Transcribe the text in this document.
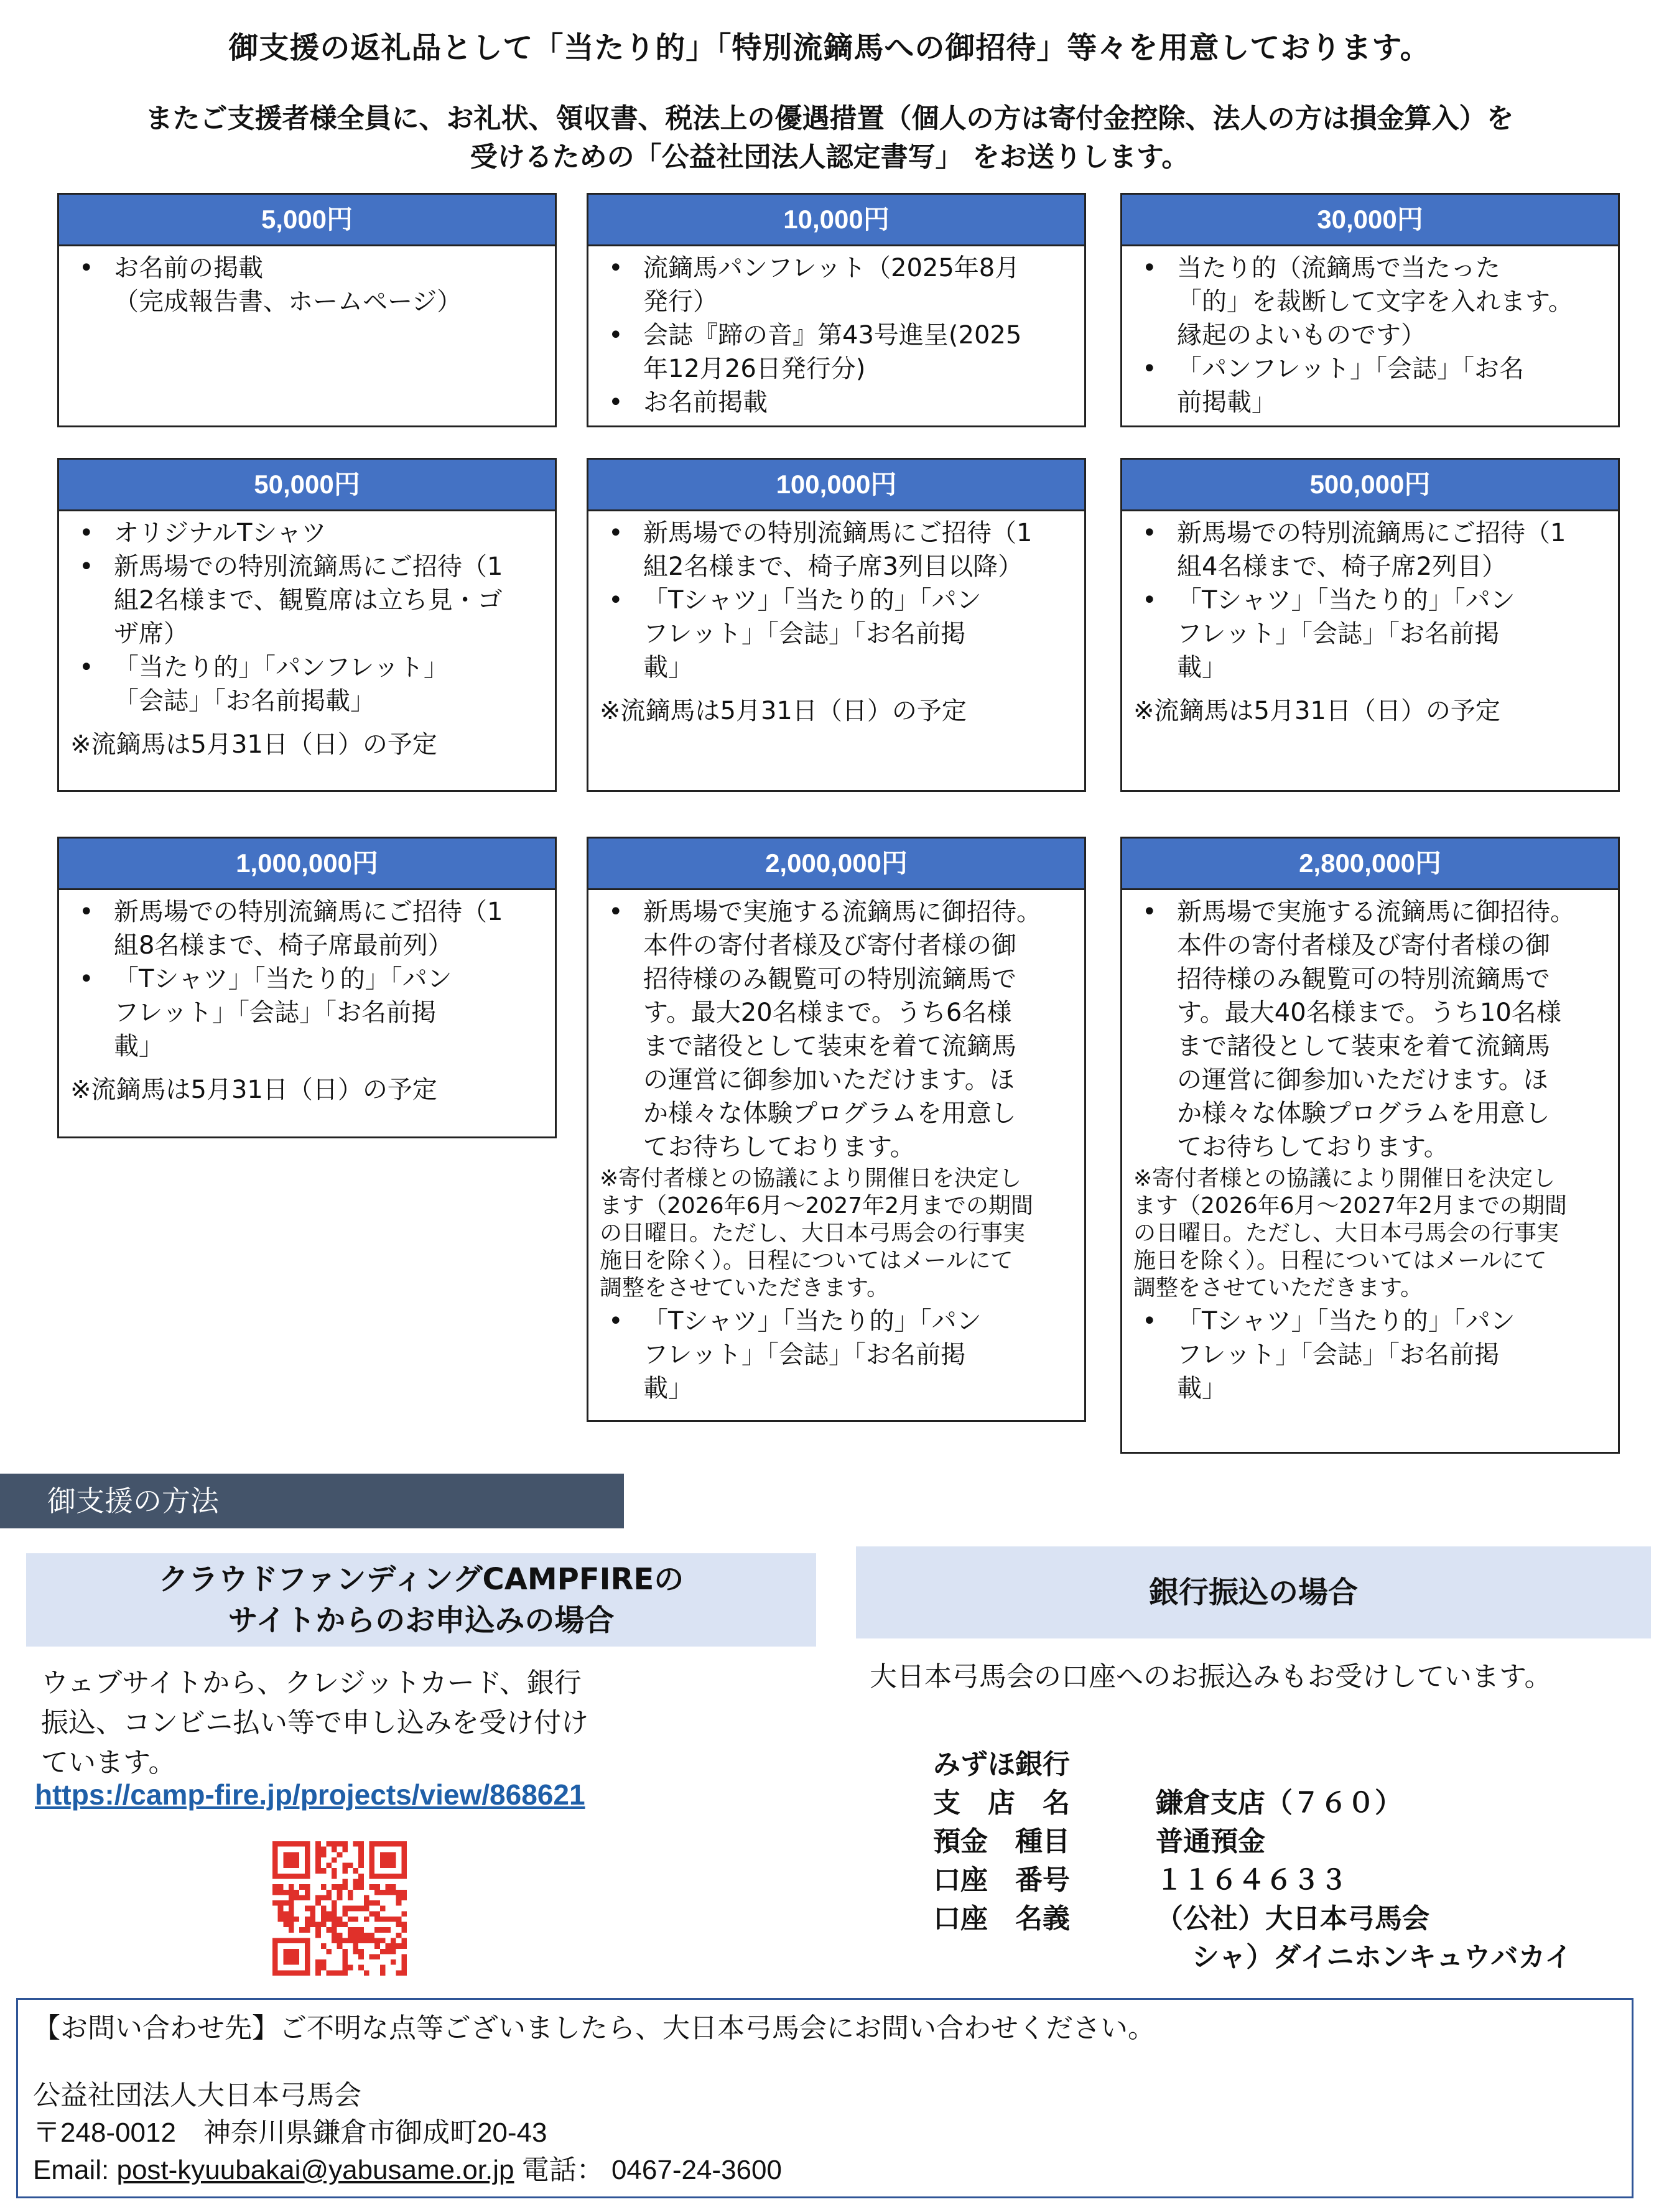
御支援の返礼品として「当たり的」「特別流鏑馬への御招待」等々を用意しております。
またご支援者様全員に、お礼状、領収書、税法上の優遇措置（個人の方は寄付金控除、法人の方は損金算入）を
受けるための「公益社団法人認定書写」 をお送りします。
5,000円
• お名前の掲載
（完成報告書、ホームページ）
10,000円
• 流鏑馬パンフレット（2025年8月
発行）
• 会誌『蹄の音』第43号進呈(2025
年12月26日発行分)
• お名前掲載
30,000円
• 当たり的（流鏑馬で当たった
「的」を裁断して文字を入れます。
縁起のよいものです）
• 「パンフレット」「会誌」「お名
前掲載」
50,000円
• オリジナルTシャツ
• 新馬場での特別流鏑馬にご招待（1
組2名様まで、観覧席は立ち見・ゴ
ザ席）
• 「当たり的」「パンフレット」
「会誌」「お名前掲載」
※流鏑馬は5月31日（日）の予定
100,000円
• 新馬場での特別流鏑馬にご招待（1
組2名様まで、椅子席3列目以降）
• 「Tシャツ」「当たり的」「パン
フレット」「会誌」「お名前掲
載」
※流鏑馬は5月31日（日）の予定
500,000円
• 新馬場での特別流鏑馬にご招待（1
組4名様まで、椅子席2列目）
• 「Tシャツ」「当たり的」「パン
フレット」「会誌」「お名前掲
載」
※流鏑馬は5月31日（日）の予定
1,000,000円
• 新馬場での特別流鏑馬にご招待（1
組8名様まで、椅子席最前列）
• 「Tシャツ」「当たり的」「パン
フレット」「会誌」「お名前掲
載」
※流鏑馬は5月31日（日）の予定
2,000,000円
• 新馬場で実施する流鏑馬に御招待。
本件の寄付者様及び寄付者様の御
招待様のみ観覧可の特別流鏑馬で
す。最大20名様まで。うち6名様
まで諸役として装束を着て流鏑馬
の運営に御参加いただけます。ほ
か様々な体験プログラムを用意し
てお待ちしております。
※寄付者様との協議により開催日を決定し
ます（2026年6月～2027年2月までの期間
の日曜日。ただし、大日本弓馬会の行事実
施日を除く）。日程についてはメールにて
調整をさせていただきます。
• 「Tシャツ」「当たり的」「パン
フレット」「会誌」「お名前掲
載」
2,800,000円
• 新馬場で実施する流鏑馬に御招待。
本件の寄付者様及び寄付者様の御
招待様のみ観覧可の特別流鏑馬で
す。最大40名様まで。うち10名様
まで諸役として装束を着て流鏑馬
の運営に御参加いただけます。ほ
か様々な体験プログラムを用意し
てお待ちしております。
※寄付者様との協議により開催日を決定し
ます（2026年6月～2027年2月までの期間
の日曜日。ただし、大日本弓馬会の行事実
施日を除く）。日程についてはメールにて
調整をさせていただきます。
• 「Tシャツ」「当たり的」「パン
フレット」「会誌」「お名前掲
載」
御支援の方法
クラウドファンディングCAMPFIREの
サイトからのお申込みの場合
ウェブサイトから、クレジットカード、銀行
振込、コンビニ払い等で申し込みを受け付け
ています。
https://camp-fire.jp/projects/view/868621
銀行振込の場合
大日本弓馬会の口座へのお振込みもお受けしています。
みずほ銀行
支　店　名	鎌倉支店（７６０）
預金　種目	普通預金
口座　番号	１１６４６３３
口座　名義	（公社）大日本弓馬会
シャ）ダイニホンキュウバカイ
【お問い合わせ先】ご不明な点等ございましたら、大日本弓馬会にお問い合わせください。
公益社団法人大日本弓馬会
〒248-0012　神奈川県鎌倉市御成町20-43
Email: post-kyuubakai@yabusame.or.jp 電話： 0467-24-3600
